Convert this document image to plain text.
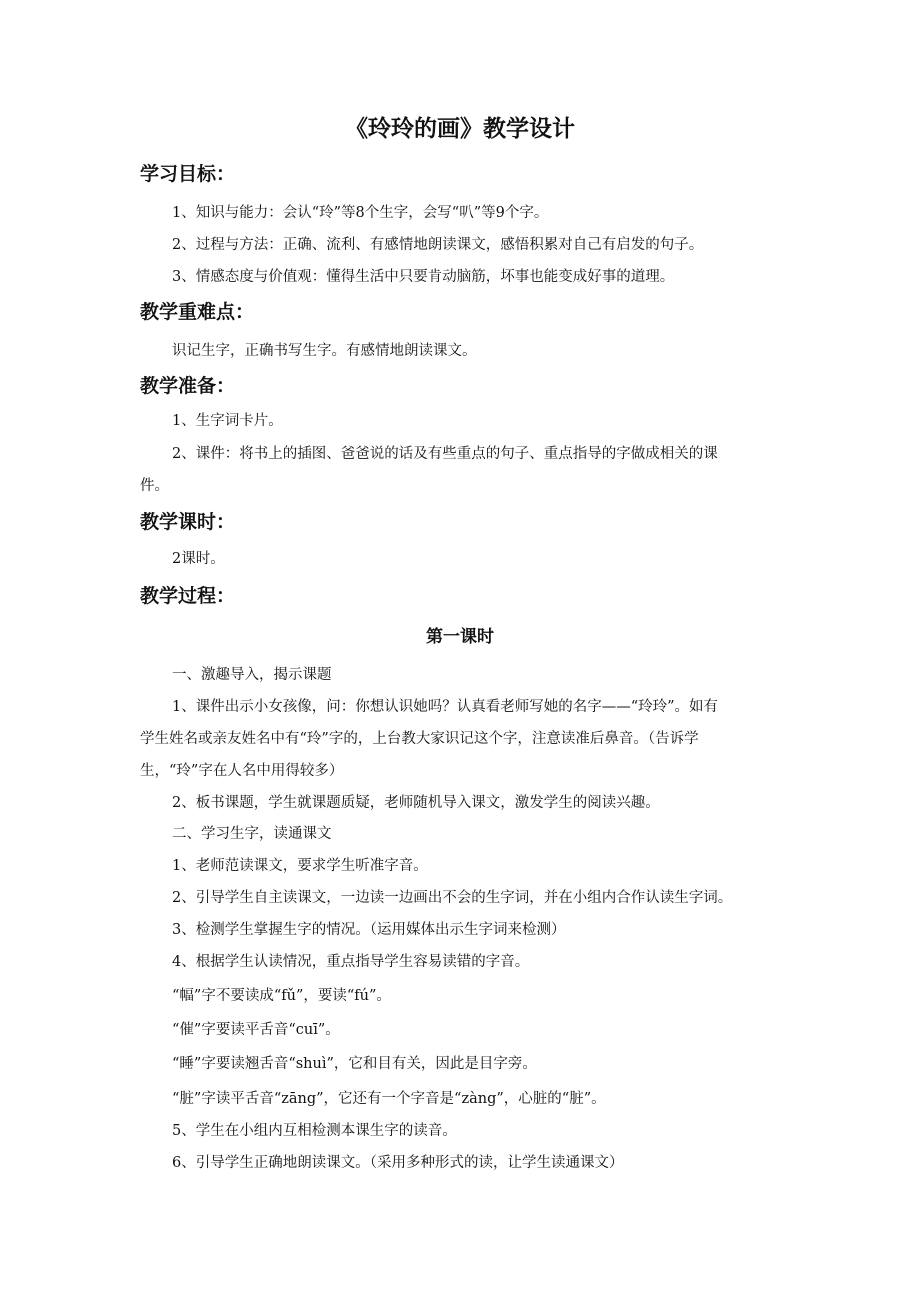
《玲玲的画》教学设计
学习目标：
1、知识与能力：会认“玲”等8个生字，会写“叭”等9个字。
2、过程与方法：正确、流利、有感情地朗读课文，感悟积累对自己有启发的句子。
3、情感态度与价值观：懂得生活中只要肯动脑筋，坏事也能变成好事的道理。
教学重难点：
识记生字，正确书写生字。有感情地朗读课文。
教学准备：
1、生字词卡片。
2、课件：将书上的插图、爸爸说的话及有些重点的句子、重点指导的字做成相关的课
件。
教学课时：
2课时。
教学过程：
第一课时
一、激趣导入，揭示课题
1、课件出示小女孩像，问：你想认识她吗？认真看老师写她的名字——“玲玲”。如有
学生姓名或亲友姓名中有“玲”字的，上台教大家识记这个字，注意读准后鼻音。（告诉学
生，“玲”字在人名中用得较多）
2、板书课题，学生就课题质疑，老师随机导入课文，激发学生的阅读兴趣。
二、学习生字，读通课文
1、老师范读课文，要求学生听准字音。
2、引导学生自主读课文，一边读一边画出不会的生字词，并在小组内合作认读生字词。
3、检测学生掌握生字的情况。（运用媒体出示生字词来检测）
4、根据学生认读情况，重点指导学生容易读错的字音。
“幅”字不要读成“fǔ”，要读“fú”。
“催”字要读平舌音“cuī”。
“睡”字要读翘舌音“shuì”，它和目有关，因此是目字旁。
“脏”字读平舌音“zāng”，它还有一个字音是“zàng”，心脏的“脏”。
5、学生在小组内互相检测本课生字的读音。
6、引导学生正确地朗读课文。（采用多种形式的读，让学生读通课文）
